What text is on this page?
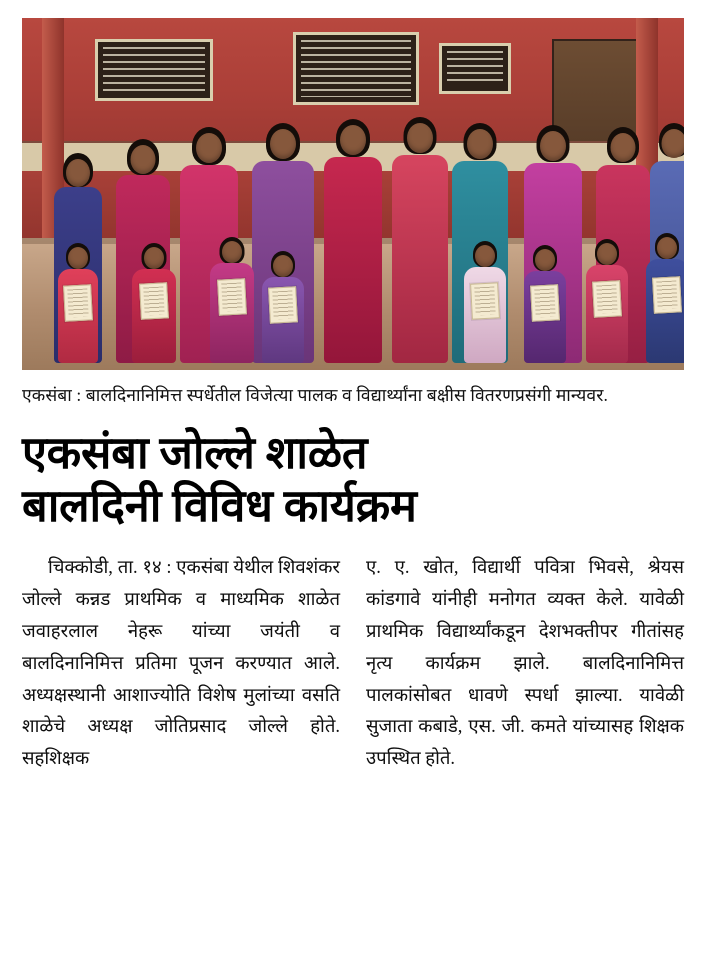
एकसंबा : बालदिनानिमित्त स्पर्धेतील विजेत्या पालक व विद्यार्थ्यांना बक्षीस वितरणप्रसंगी मान्यवर.
एकसंबा जोल्ले शाळेत
बालदिनी विविध कार्यक्रम

चिक्कोडी, ता. १४ : एकसंबा येथील शिवशंकर जोल्ले कन्नड प्राथमिक व माध्यमिक शाळेत जवाहरलाल नेहरू यांच्या जयंती व बालदिनानिमित्त प्रतिमा पूजन करण्यात आले. अध्यक्षस्थानी आशाज्योति विशेष मुलांच्या वसति शाळेचे अध्यक्ष जोतिप्रसाद जोल्ले होते. सहशिक्षक

ए. ए. खोत, विद्यार्थी पवित्रा भिवसे, श्रेयस कांडगावे यांनीही मनोगत व्यक्त केले. यावेळी प्राथमिक विद्यार्थ्यांकडून देशभक्तीपर गीतांसह नृत्य कार्यक्रम झाले. बालदिनानिमित्त पालकांसोबत धावणे स्पर्धा झाल्या. यावेळी सुजाता कबाडे, एस. जी. कमते यांच्यासह शिक्षक उपस्थित होते.
